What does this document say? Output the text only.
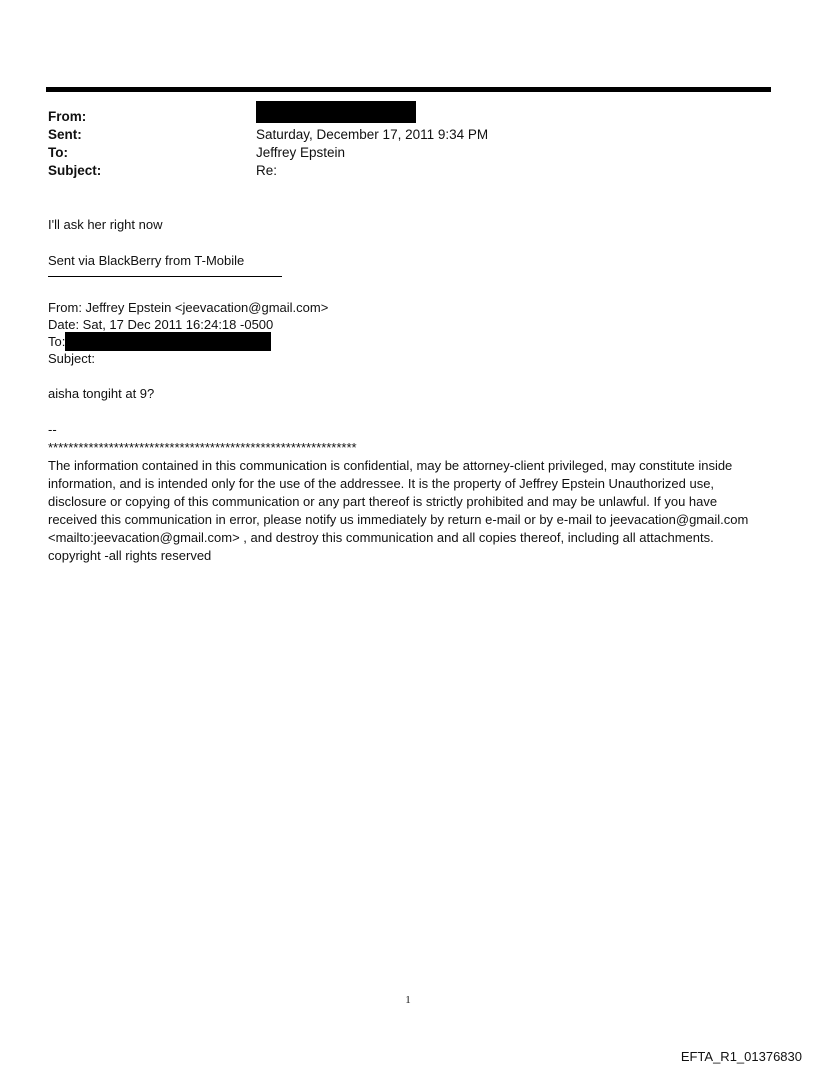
From:
Sent:	Saturday, December 17, 2011 9:34 PM
To:	Jeffrey Epstein
Subject:	Re:

I'll ask her right now

Sent via BlackBerry from T-Mobile

From: Jeffrey Epstein <jeevacation@gmail.com>
Date: Sat, 17 Dec 2011 16:24:18 -0500
To:
Subject:

aisha tongiht at 9?

--

*************************************************************

The information contained in this communication is confidential, may be attorney-client privileged, may constitute inside information, and is intended only for the use of the addressee. It is the property of Jeffrey Epstein Unauthorized use, disclosure or copying of this communication or any part thereof is strictly prohibited and may be unlawful. If you have received this communication in error, please notify us immediately by return e-mail or by e-mail to jeevacation@gmail.com <mailto:jeevacation@gmail.com> , and destroy this communication and all copies thereof, including all attachments. copyright -all rights reserved

1
EFTA_R1_01376830
